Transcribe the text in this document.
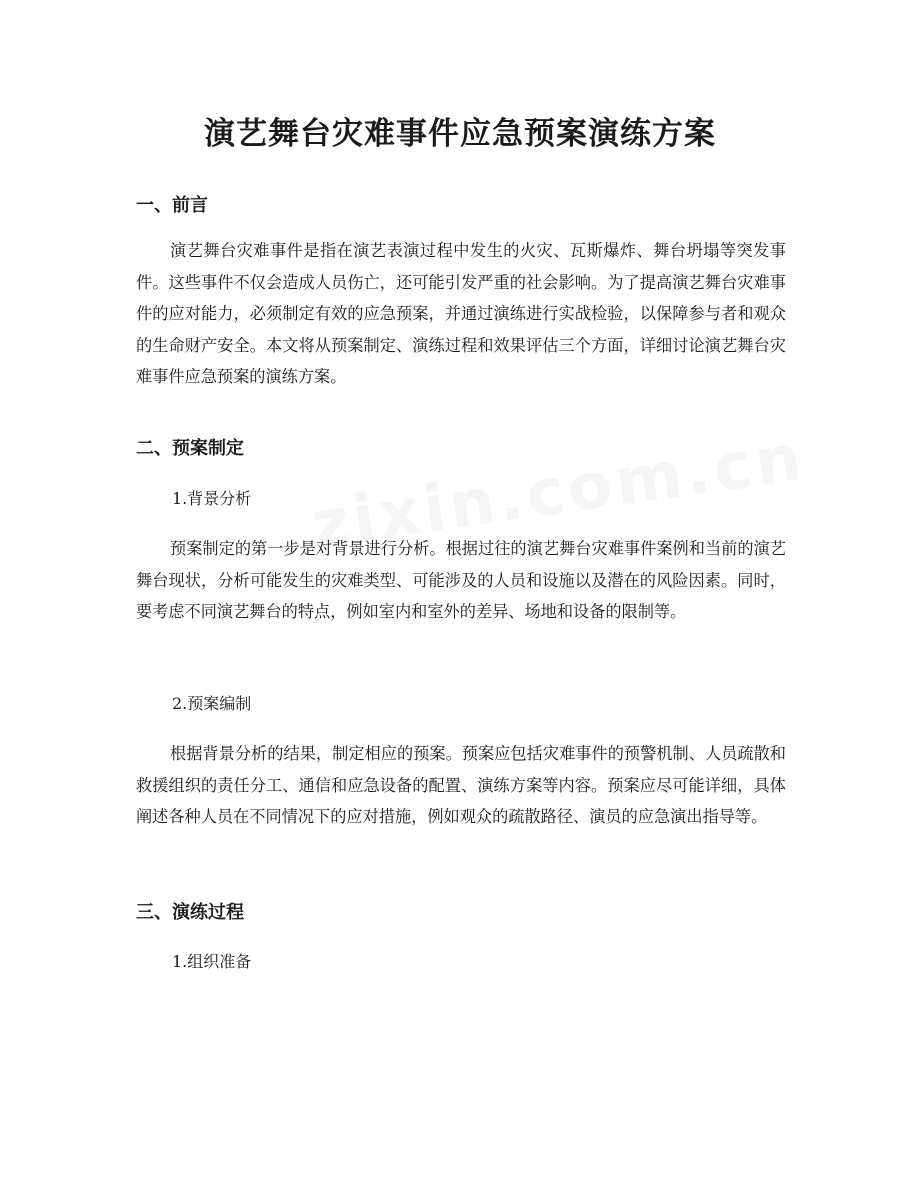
演艺舞台灾难事件应急预案演练方案
一、前言

演艺舞台灾难事件是指在演艺表演过程中发生的火灾、瓦斯爆炸、舞台坍塌等突发事件。这些事件不仅会造成人员伤亡，还可能引发严重的社会影响。为了提高演艺舞台灾难事件的应对能力，必须制定有效的应急预案，并通过演练进行实战检验，以保障参与者和观众的生命财产安全。本文将从预案制定、演练过程和效果评估三个方面，详细讨论演艺舞台灾难事件应急预案的演练方案。

二、预案制定

1.背景分析

预案制定的第一步是对背景进行分析。根据过往的演艺舞台灾难事件案例和当前的演艺舞台现状，分析可能发生的灾难类型、可能涉及的人员和设施以及潜在的风险因素。同时，要考虑不同演艺舞台的特点，例如室内和室外的差异、场地和设备的限制等。

2.预案编制

根据背景分析的结果，制定相应的预案。预案应包括灾难事件的预警机制、人员疏散和救援组织的责任分工、通信和应急设备的配置、演练方案等内容。预案应尽可能详细，具体阐述各种人员在不同情况下的应对措施，例如观众的疏散路径、演员的应急演出指导等。

三、演练过程

1.组织准备
